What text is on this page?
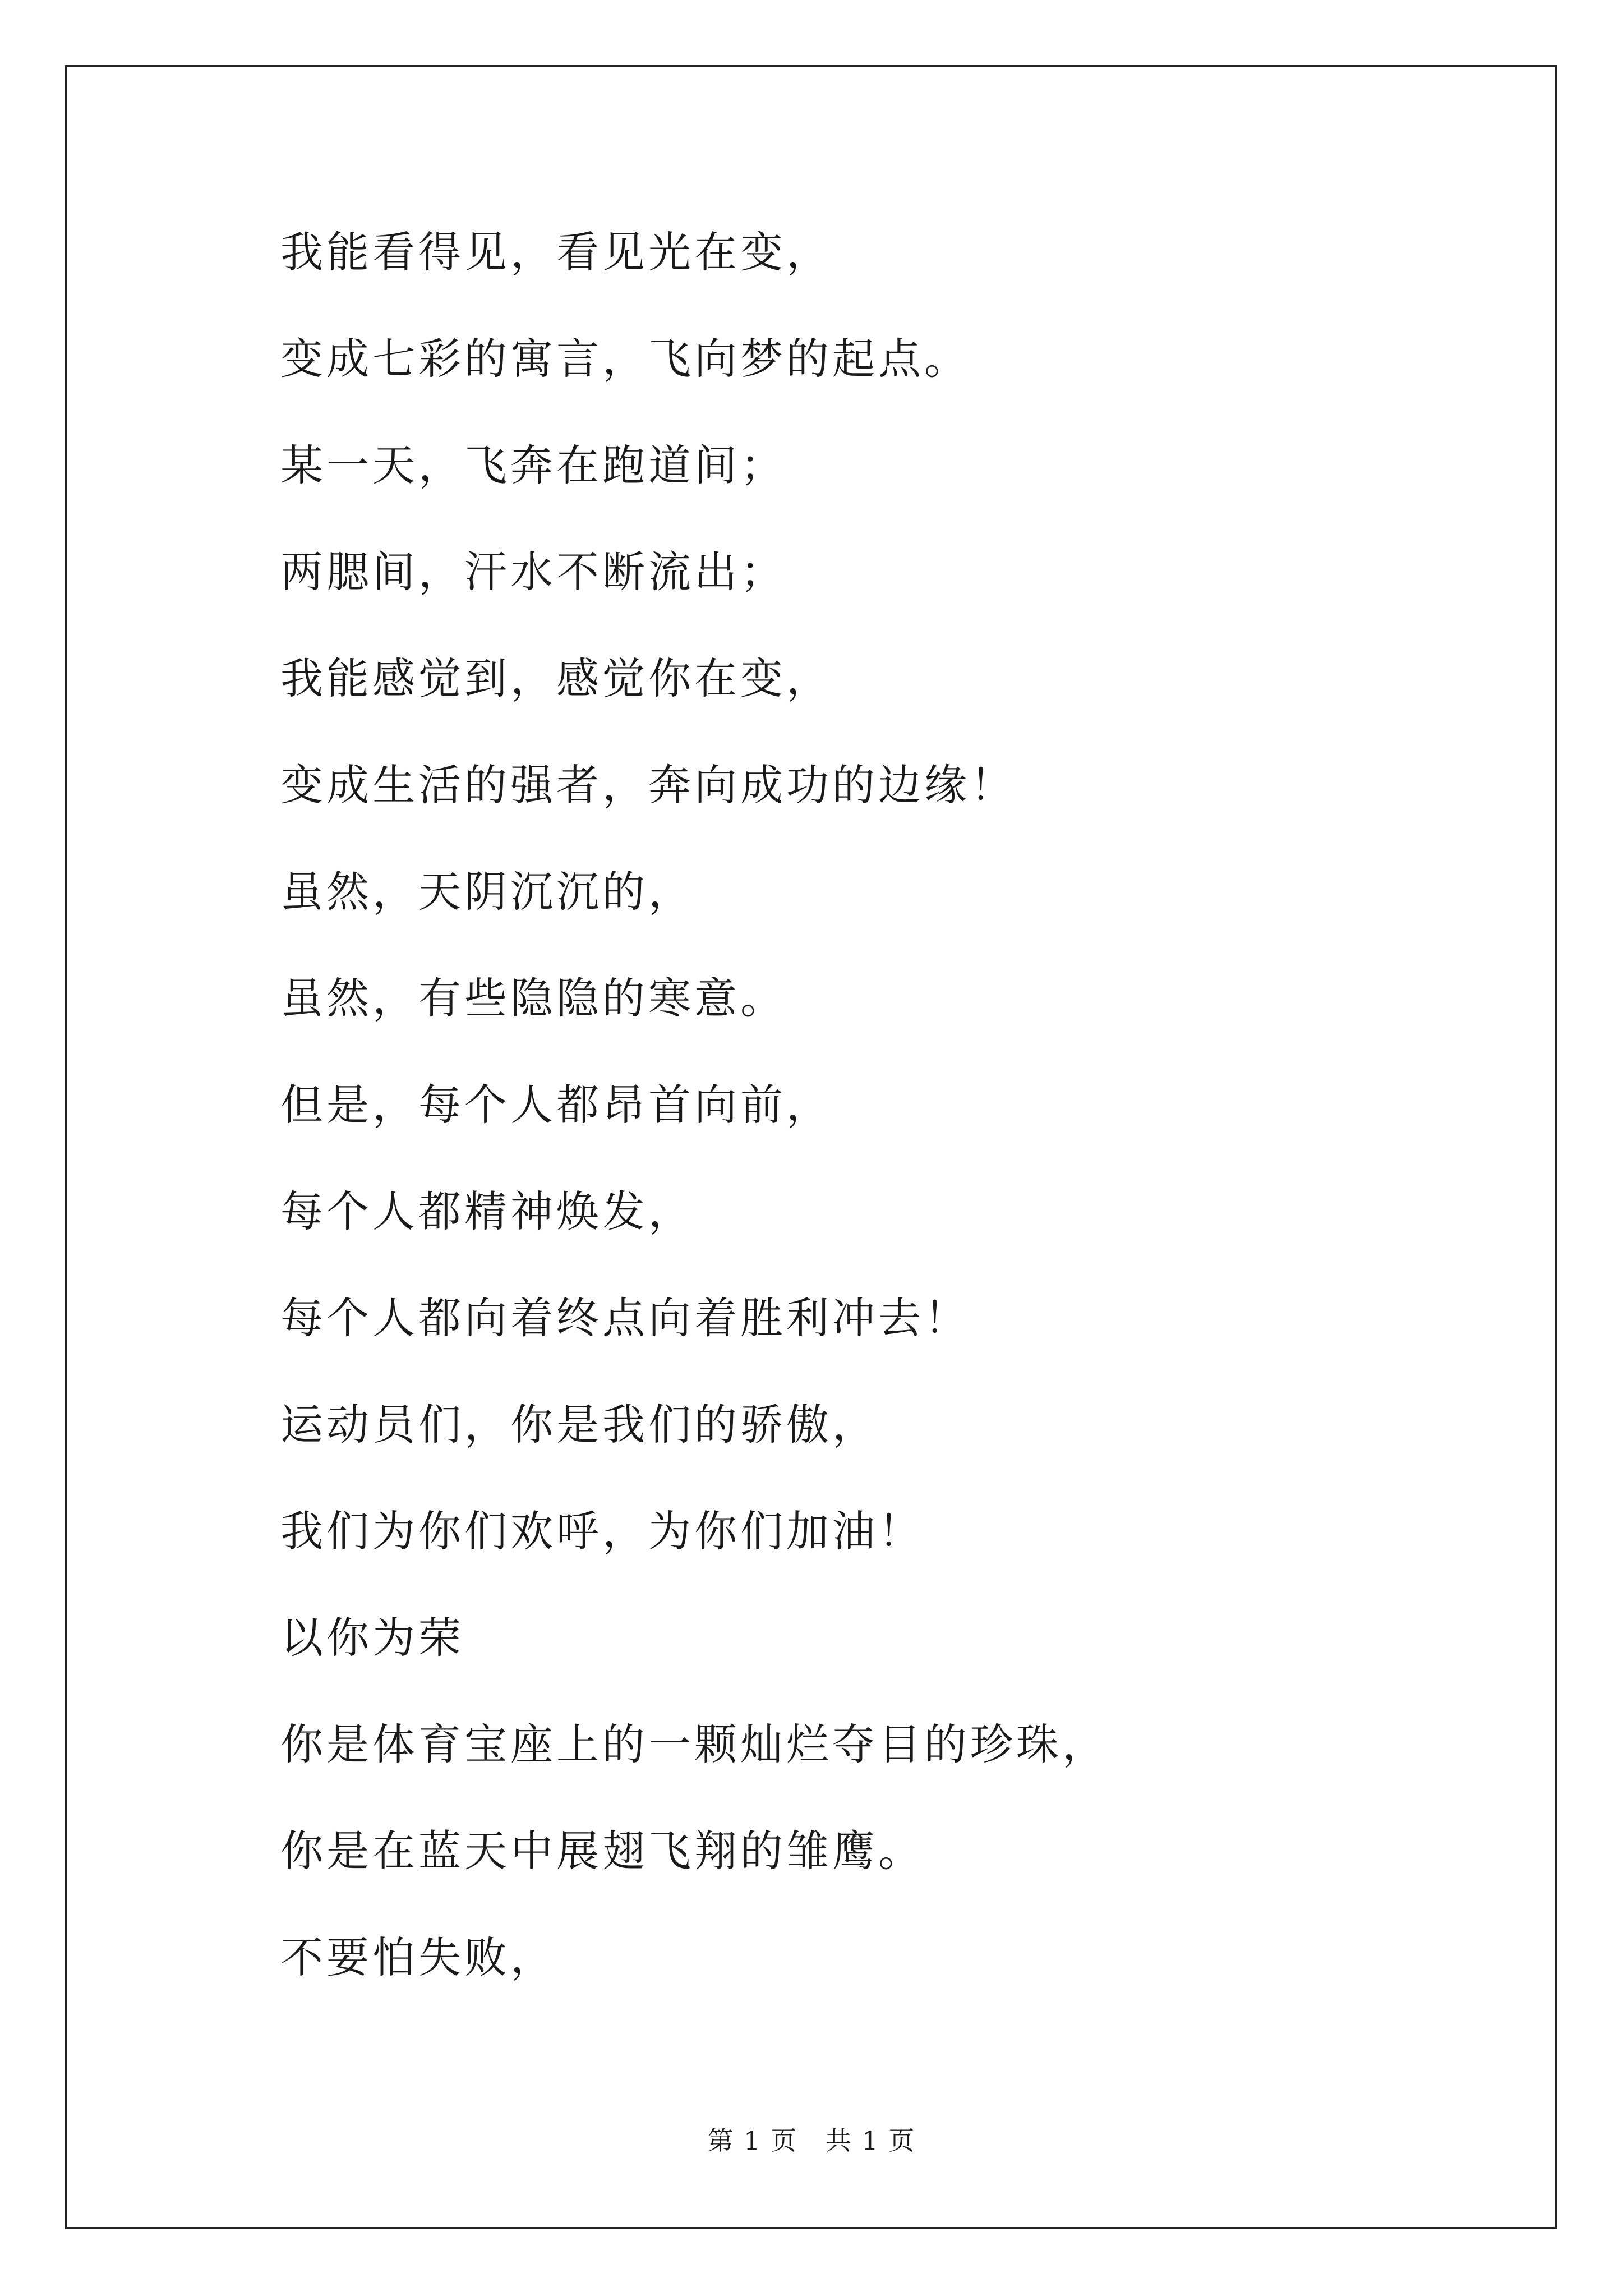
我能看得见，看见光在变，
变成七彩的寓言，飞向梦的起点。
某一天，飞奔在跑道间；
两腮间，汗水不断流出；
我能感觉到，感觉你在变，
变成生活的强者，奔向成功的边缘！
虽然，天阴沉沉的，
虽然，有些隐隐的寒意。
但是，每个人都昂首向前，
每个人都精神焕发，
每个人都向着终点向着胜利冲去！
运动员们，你是我们的骄傲，
我们为你们欢呼，为你们加油！
以你为荣
你是体育宝座上的一颗灿烂夺目的珍珠，
你是在蓝天中展翅飞翔的雏鹰。
不要怕失败，
第 1 页   共 1 页
